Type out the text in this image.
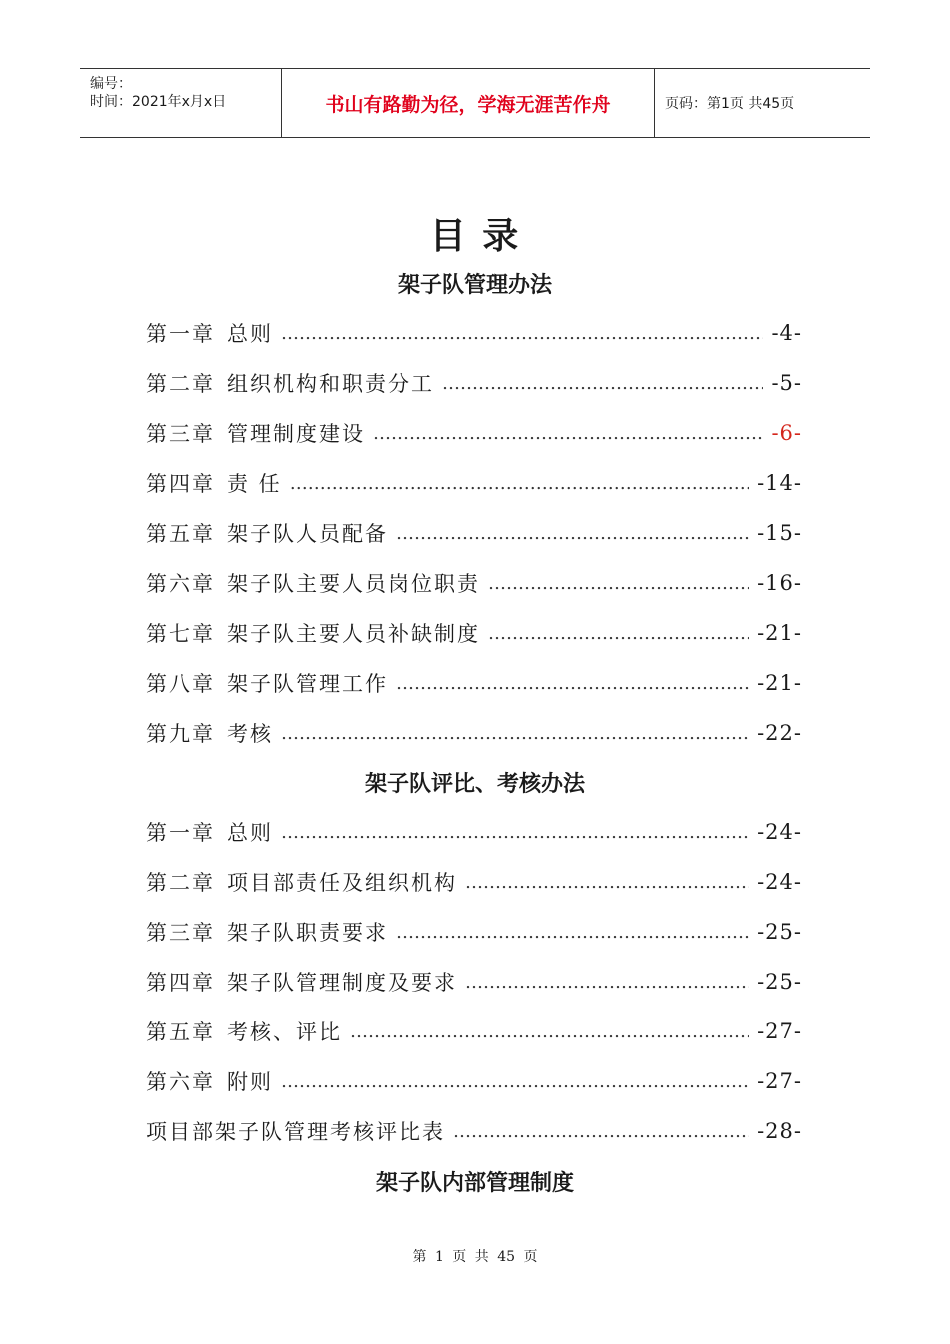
编号：
时间：2021年x月x日	书山有路勤为径，学海无涯苦作舟	页码：第1页 共45页
目 录
架子队管理办法
第一章 总则 ………………………………………………………………………………………………	-4-
第二章 组织机构和职责分工 ………………………………………………………………………………………………	-5-
第三章 管理制度建设 ………………………………………………………………………………………………	-6-
第四章 责 任 ………………………………………………………………………………………………	-14-
第五章 架子队人员配备 ………………………………………………………………………………………………	-15-
第六章 架子队主要人员岗位职责 ………………………………………………………………………………………………	-16-
第七章 架子队主要人员补缺制度 ………………………………………………………………………………………………	-21-
第八章 架子队管理工作 ………………………………………………………………………………………………	-21-
第九章 考核 ………………………………………………………………………………………………	-22-
架子队评比、考核办法
第一章 总则 ………………………………………………………………………………………………	-24-
第二章 项目部责任及组织机构 ………………………………………………………………………………………………	-24-
第三章 架子队职责要求 ………………………………………………………………………………………………	-25-
第四章 架子队管理制度及要求 ………………………………………………………………………………………………	-25-
第五章 考核、评比 ………………………………………………………………………………………………	-27-
第六章 附则 ………………………………………………………………………………………………	-27-
项目部架子队管理考核评比表 ………………………………………………………………………………………………	-28-
架子队内部管理制度
第 1 页 共 45 页
